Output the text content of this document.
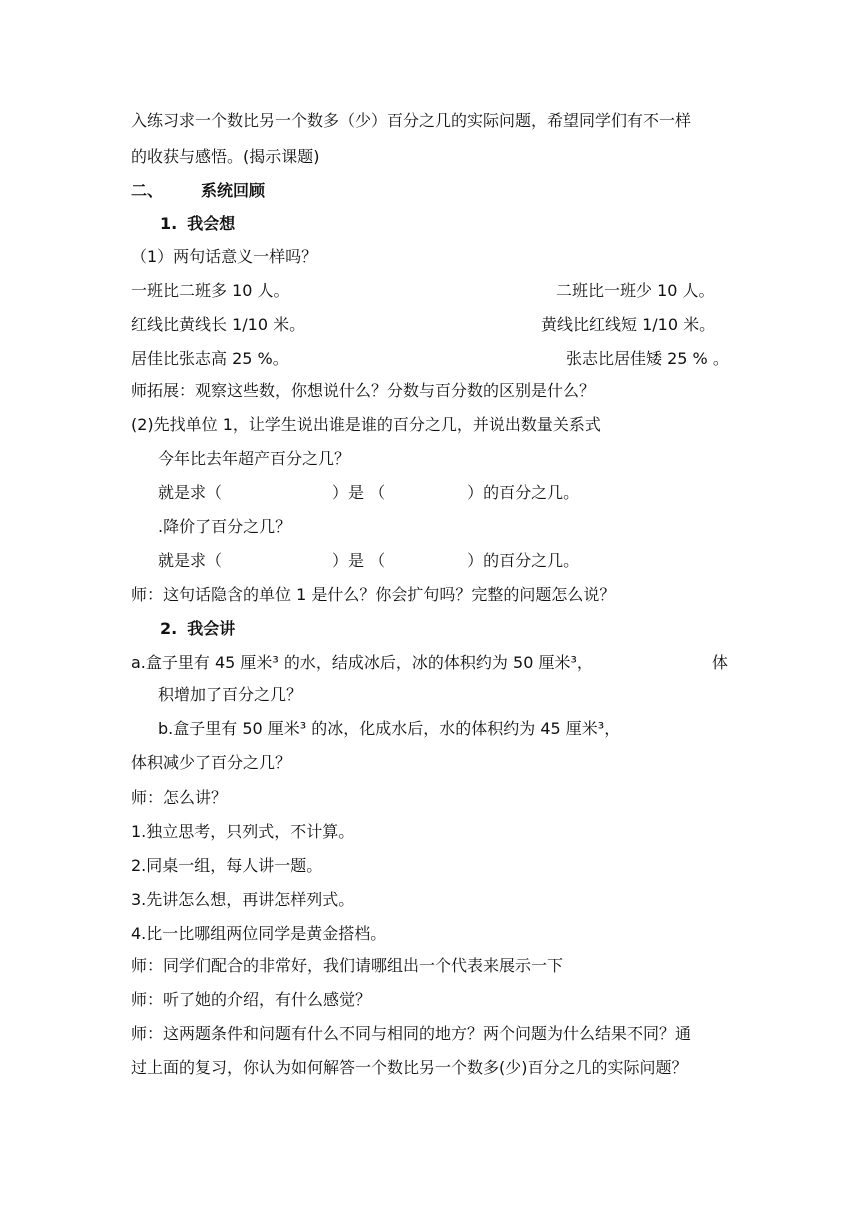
入练习求一个数比另一个数多（少）百分之几的实际问题，希望同学们有不一样
的收获与感悟。(揭示课题)
二、 系统回顾
1. 我会想
（1）两句话意义一样吗？
一班比二班多 10 人。	二班比一班少 10 人。
红线比黄线长 1/10 米。	黄线比红线短 1/10 米。
居佳比张志高 25 %。	张志比居佳矮 25 % 。
师拓展：观察这些数，你想说什么？分数与百分数的区别是什么？
(2)先找单位 1，让学生说出谁是谁的百分之几，并说出数量关系式
今年比去年超产百分之几？
就是求（	）是 （	）的百分之几。
.降价了百分之几？
就是求（	）是 （	）的百分之几。
师：这句话隐含的单位 1 是什么？你会扩句吗？完整的问题怎么说？
2. 我会讲
a.盒子里有 45 厘米³ 的水，结成冰后，冰的体积约为 50 厘米³，	体
积增加了百分之几？
b.盒子里有 50 厘米³ 的冰，化成水后，水的体积约为 45 厘米³，
体积减少了百分之几？
师：怎么讲？
1.独立思考，只列式，不计算。
2.同桌一组，每人讲一题。
3.先讲怎么想，再讲怎样列式。
4.比一比哪组两位同学是黄金搭档。
师：同学们配合的非常好，我们请哪组出一个代表来展示一下
师：听了她的介绍，有什么感觉？
师：这两题条件和问题有什么不同与相同的地方？两个问题为什么结果不同？通
过上面的复习，你认为如何解答一个数比另一个数多(少)百分之几的实际问题？
